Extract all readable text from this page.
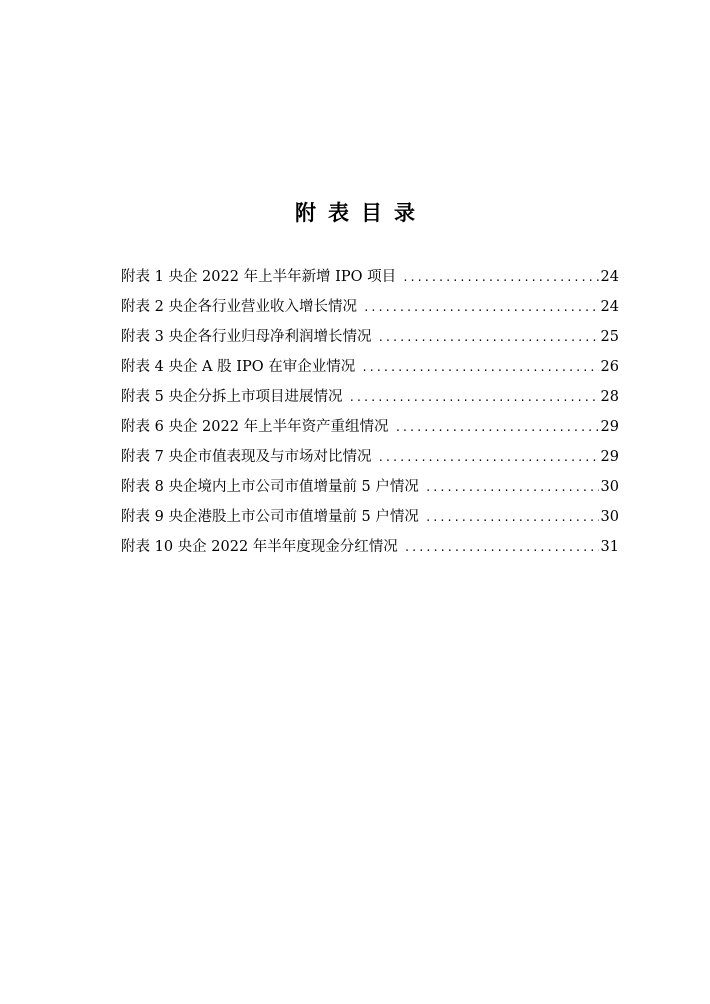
附表目录
附表 1 央企 2022 年上半年新增 IPO 项目 .....	24
附表 2 央企各行业营业收入增长情况 .....	24
附表 3 央企各行业归母净利润增长情况 .....	25
附表 4 央企 A 股 IPO 在审企业情况 .....	26
附表 5 央企分拆上市项目进展情况 .....	28
附表 6 央企 2022 年上半年资产重组情况 .....	29
附表 7 央企市值表现及与市场对比情况 .....	29
附表 8 央企境内上市公司市值增量前 5 户情况 .....	30
附表 9 央企港股上市公司市值增量前 5 户情况 .....	30
附表 10 央企 2022 年半年度现金分红情况 .....	31
